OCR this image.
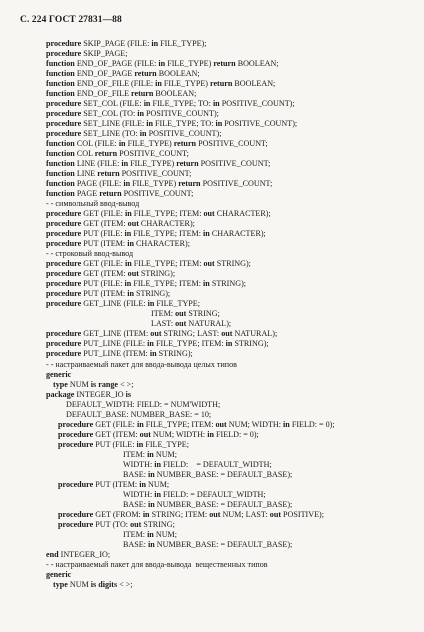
С. 224 ГОСТ 27831—88
procedure SKIP_PAGE (FILE: in FILE_TYPE);
procedure SKIP_PAGE;
function END_OF_PAGE (FILE: in FILE_TYPE) return BOOLEAN;
function END_OF_PAGE return BOOLEAN;
function END_OF_FILE (FILE: in FILE_TYPE) return BOOLEAN;
function END_OF_FILE return BOOLEAN;
procedure SET_COL (FILE: in FILE_TYPE; TO: in POSITIVE_COUNT);
procedure SET_COL (TO: in POSITIVE_COUNT);
procedure SET_LINE (FILE: in FILE_TYPE; TO: in POSITIVE_COUNT);
procedure SET_LINE (TO: in POSITIVE_COUNT);
function COL (FILE: in FILE_TYPE) return POSITIVE_COUNT;
function COL return POSITIVE_COUNT;
function LINE (FILE: in FILE_TYPE) return POSITIVE_COUNT;
function LINE return POSITIVE_COUNT;
function PAGE (FILE: in FILE_TYPE) return POSITIVE_COUNT;
function PAGE return POSITIVE_COUNT;
- - символьный ввод-вывод
procedure GET (FILE: in FILE_TYPE; ITEM: out CHARACTER);
procedure GET (ITEM: out CHARACTER);
procedure PUT (FILE: in FILE_TYPE; ITEM: in CHARACTER);
procedure PUT (ITEM: in CHARACTER);
- - строковый ввод-вывод
procedure GET (FILE: in FILE_TYPE; ITEM: out STRING);
procedure GET (ITEM: out STRING);
procedure PUT (FILE: in FILE_TYPE; ITEM: in STRING);
procedure PUT (ITEM: in STRING);
procedure GET_LINE (FILE: in FILE_TYPE;
ITEM: out STRING;
LAST: out NATURAL);
procedure GET_LINE (ITEM: out STRING; LAST: out NATURAL);
procedure PUT_LINE (FILE: in FILE_TYPE; ITEM: in STRING);
procedure PUT_LINE (ITEM: in STRING);
- - настраиваемый пакет для ввода-вывода целых типов
generic
type NUM is range < >;
package INTEGER_IO is
DEFAULT_WIDTH: FIELD: = NUM'WIDTH;
DEFAULT_BASE: NUMBER_BASE: = 10;
procedure GET (FILE: in FILE_TYPE; ITEM: out NUM; WIDTH: in FIELD: = 0);
procedure GET (ITEM: out NUM; WIDTH: in FIELD: = 0);
procedure PUT (FILE: in FILE_TYPE;
ITEM: in NUM;
WIDTH: in FIELD:    = DEFAULT_WIDTH;
BASE: in NUMBER_BASE: = DEFAULT_BASE);
procedure PUT (ITEM: in NUM;
WIDTH: in FIELD: = DEFAULT_WIDTH;
BASE: in NUMBER_BASE: = DEFAULT_BASE);
procedure GET (FROM: in STRING; ITEM: out NUM; LAST: out POSITIVE);
procedure PUT (TO: out STRING;
ITEM: in NUM;
BASE: in NUMBER_BASE: = DEFAULT_BASE);
end INTEGER_IO;
- - настраиваемый пакет для ввода-вывода  вещественных типов
generic
type NUM is digits < >;
